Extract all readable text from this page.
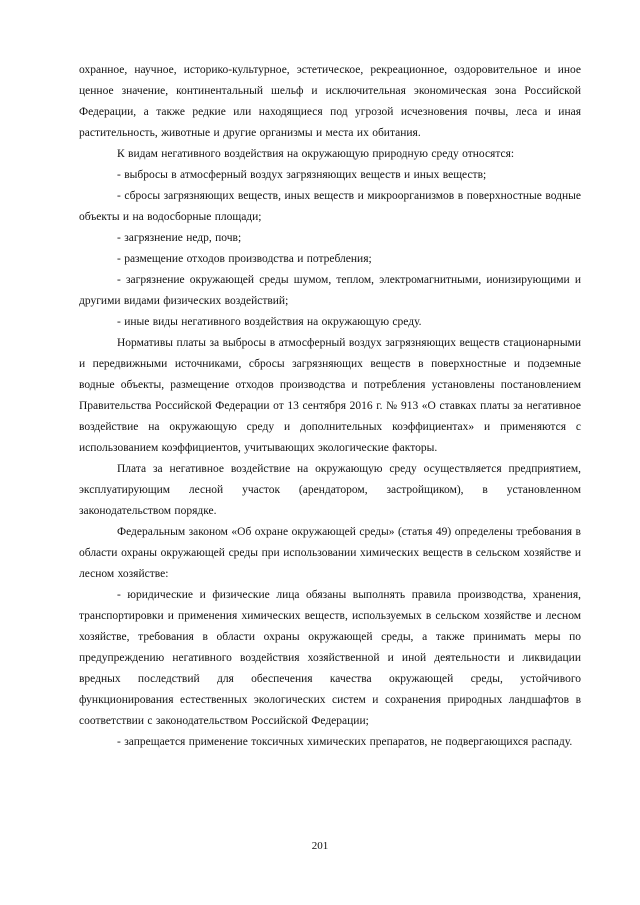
охранное, научное, историко-культурное, эстетическое, рекреационное, оздоровительное и иное ценное значение, континентальный шельф и исключительная экономическая зона Российской Федерации, а также редкие или находящиеся под угрозой исчезновения почвы, леса и иная растительность, животные и другие организмы и места их обитания.

К видам негативного воздействия на окружающую природную среду относятся:

- выбросы в атмосферный воздух загрязняющих веществ и иных веществ;

- сбросы загрязняющих веществ, иных веществ и микроорганизмов в поверхностные водные объекты и на водосборные площади;

- загрязнение недр, почв;

- размещение отходов производства и потребления;

- загрязнение окружающей среды шумом, теплом, электромагнитными, ионизирующими и другими видами физических воздействий;

- иные виды негативного воздействия на окружающую среду.

Нормативы платы за выбросы в атмосферный воздух загрязняющих веществ стационарными и передвижными источниками, сбросы загрязняющих веществ в поверхностные и подземные водные объекты, размещение отходов производства и потребления установлены постановлением Правительства Российской Федерации от 13 сентября 2016 г. № 913 «О ставках платы за негативное воздействие на окружающую среду и дополнительных коэффициентах» и применяются с использованием коэффициентов, учитывающих экологические факторы.

Плата за негативное воздействие на окружающую среду осуществляется предприятием, эксплуатирующим лесной участок (арендатором, застройщиком), в установленном законодательством порядке.

Федеральным законом «Об охране окружающей среды» (статья 49) определены требования в области охраны окружающей среды при использовании химических веществ в сельском хозяйстве и лесном хозяйстве:

- юридические и физические лица обязаны выполнять правила производства, хранения, транспортировки и применения химических веществ, используемых в сельском хозяйстве и лесном хозяйстве, требования в области охраны окружающей среды, а также принимать меры по предупреждению негативного воздействия хозяйственной и иной деятельности и ликвидации вредных последствий для обеспечения качества окружающей среды, устойчивого функционирования естественных экологических систем и сохранения природных ландшафтов в соответствии с законодательством Российской Федерации;

- запрещается применение токсичных химических препаратов, не подвергающихся распаду.

201
